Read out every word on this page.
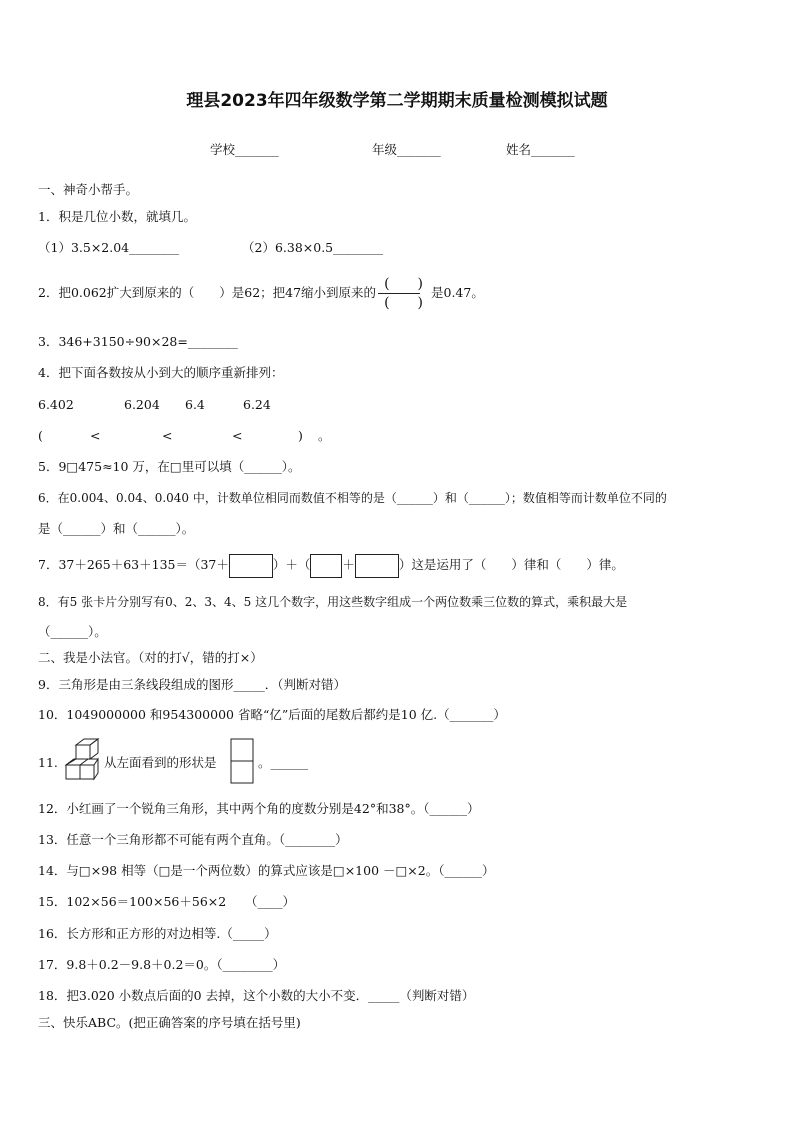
理县2023年四年级数学第二学期期末质量检测模拟试题
学校_______	年级_______	姓名_______
一、神奇小帮手。
1．积是几位小数，就填几。
（1）3.5×2.04________	（2）6.38×0.5________
2．把0.062扩大到原来的（　　）是62；把47缩小到原来的 $\frac{( )}{( )}$ 是0.47。
3．346+3150÷90×28=________
4．把下面各数按从小到大的顺序重新排列：
6.402	6.204 6.4	6.24
(	<	<	<	) 。
5．9□475≈10 万，在□里可以填（______）。
6．在0.004、0.04、0.040 中，计数单位相同而数值不相等的是（______）和（______）；数值相等而计数单位不同的
是（______）和（______）。
7．37＋265＋63＋135＝（37＋	）＋（	＋	）这是运用了（　　）律和（　　）律。
8．有5 张卡片分别写有0、2、3、4、5 这几个数字，用这些数字组成一个两位数乘三位数的算式，乘积最大是
（______）。
二、我是小法官。（对的打√，错的打×）
9．三角形是由三条线段组成的图形_____．（判断对错）
10．1049000000 和954300000 省略“亿”后面的尾数后都约是10 亿.（_______）
11.	从左面看到的形状是	。______
12．小红画了一个锐角三角形，其中两个角的度数分别是42°和38°。（______）
13．任意一个三角形都不可能有两个直角。（________）
14．与□×98 相等（□是一个两位数）的算式应该是□×100 －□×2。（______）
15．102×56＝100×56＋56×2　　（____）
16．长方形和正方形的对边相等.（_____）
17．9.8＋0.2－9.8＋0.2＝0。（________）
18．把3.020 小数点后面的0 去掉，这个小数的大小不变．_____（判断对错）
三、快乐ABC。(把正确答案的序号填在括号里)
